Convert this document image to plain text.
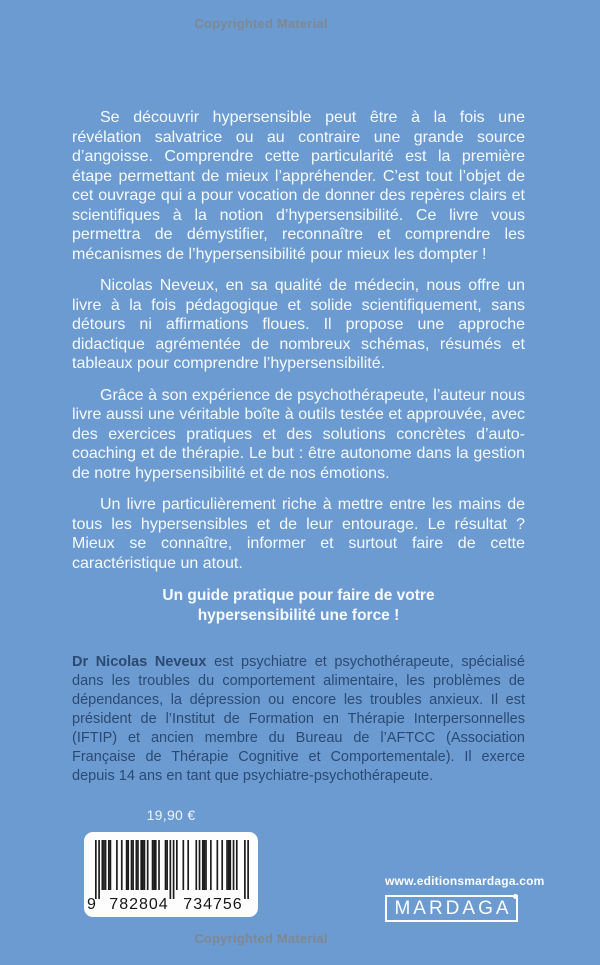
Copyrighted Material

Se découvrir hypersensible peut être à la fois une révélation salvatrice ou au contraire une grande source d’angoisse. Comprendre cette particularité est la première étape permettant de mieux l’appréhender. C’est tout l’objet de cet ouvrage qui a pour vocation de donner des repères clairs et scientifiques à la notion d’hypersensibilité. Ce livre vous permettra de démystifier, reconnaître et comprendre les mécanismes de l’hypersensibilité pour mieux les dompter !

Nicolas Neveux, en sa qualité de médecin, nous offre un livre à la fois pédagogique et solide scientifiquement, sans détours ni affirmations floues. Il propose une approche didactique agrémentée de nombreux schémas, résumés et tableaux pour comprendre l’hypersensibilité.

Grâce à son expérience de psychothérapeute, l’auteur nous livre aussi une véritable boîte à outils testée et approuvée, avec des exercices pratiques et des solutions concrètes d’auto-coaching et de thérapie. Le but : être autonome dans la gestion de notre hypersensibilité et de nos émotions.

Un livre particulièrement riche à mettre entre les mains de tous les hypersensibles et de leur entourage. Le résultat ? Mieux se connaître, informer et surtout faire de cette caractéristique un atout.

Un guide pratique pour faire de votre hypersensibilité une force !

Dr Nicolas Neveux est psychiatre et psychothérapeute, spécialisé dans les troubles du comportement alimentaire, les problèmes de dépendances, la dépression ou encore les troubles anxieux. Il est président de l’Institut de Formation en Thérapie Interpersonnelles (IFTIP) et ancien membre du Bureau de l’AFTCC (Association Française de Thérapie Cognitive et Comportementale). Il exerce depuis 14 ans en tant que psychiatre-psychothérapeute.

19,90 €
9 782804 734756
www.editionsmardaga.com
MARDAGA
Copyrighted Material
